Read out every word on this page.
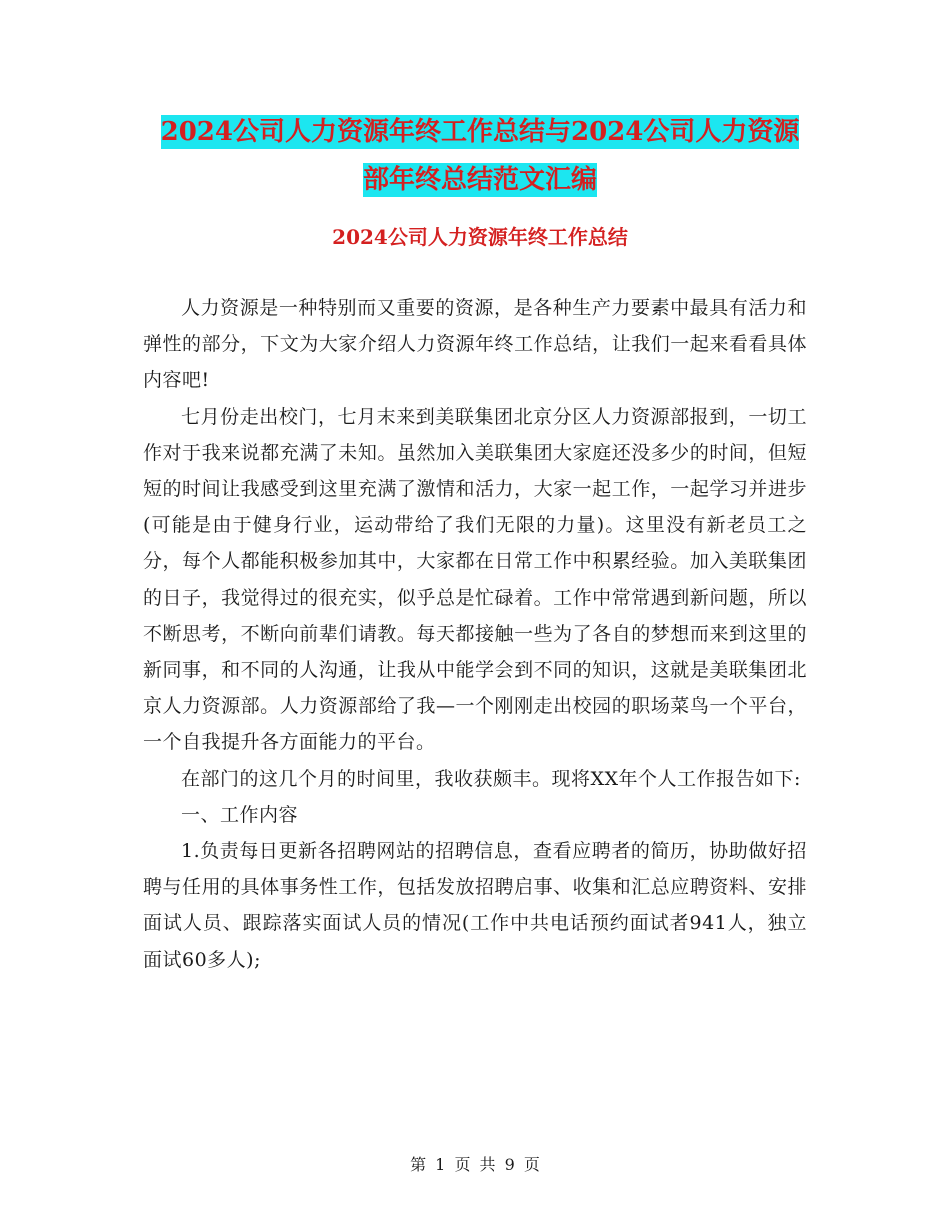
2024公司人力资源年终工作总结与2024公司人力资源
部年终总结范文汇编
2024公司人力资源年终工作总结

人力资源是一种特别而又重要的资源，是各种生产力要素中最具有活力和弹性的部分，下文为大家介绍人力资源年终工作总结，让我们一起来看看具体内容吧!

七月份走出校门，七月末来到美联集团北京分区人力资源部报到，一切工作对于我来说都充满了未知。虽然加入美联集团大家庭还没多少的时间，但短短的时间让我感受到这里充满了激情和活力，大家一起工作，一起学习并进步(可能是由于健身行业，运动带给了我们无限的力量)。这里没有新老员工之分，每个人都能积极参加其中，大家都在日常工作中积累经验。加入美联集团的日子，我觉得过的很充实，似乎总是忙碌着。工作中常常遇到新问题，所以不断思考，不断向前辈们请教。每天都接触一些为了各自的梦想而来到这里的新同事，和不同的人沟通，让我从中能学会到不同的知识，这就是美联集团北京人力资源部。人力资源部给了我—一个刚刚走出校园的职场菜鸟一个平台，一个自我提升各方面能力的平台。

在部门的这几个月的时间里，我收获颇丰。现将XX年个人工作报告如下:

一、工作内容

1.负责每日更新各招聘网站的招聘信息，查看应聘者的简历，协助做好招聘与任用的具体事务性工作，包括发放招聘启事、收集和汇总应聘资料、安排面试人员、跟踪落实面试人员的情况(工作中共电话预约面试者941人，独立面试60多人);

第 1 页 共 9 页
